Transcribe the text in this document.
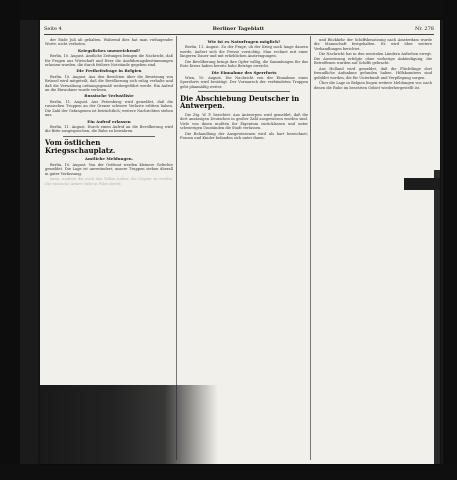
Seite 4	Berliner Tageblatt	Nr. 278

der Ende Juli ab gehalten. Wahrend dies hat man vielsagender Worte, nicht verboten.

Kriegsliches unzureichend?

Berlin, 10. August. Amtliche Zeitungen bringen die Nachricht, daß für Fragen aus Wirtschaft und Heer die Ausführungsbestimmungen erlassen wurden, die durch frühere Notstände gegeben sind.

Die Freiheitsfrage in Belgien

Berlin, 10. August. Aus den Berichten über die Besetzung von Brüssel wird mitgeteilt, daß die Bevölkerung sich ruhig verhalte und daß die Verwaltung ordnungsgemäß weitergeführt werde. Ein Aufruf an die Einwohner wurde verlesen.

Russische Verlustliste

Berlin, 11. August. Aus Petersburg wird gemeldet, daß die russischen Truppen an der Grenze schwere Verluste erlitten haben. Die Zahl der Gefangenen ist beträchtlich; weitere Nachrichten stehen aus.

Ein Aufruf erlassen

Berlin, 11. August. Durch einen Aufruf an die Bevölkerung wird die Bitte ausgesprochen, die Ruhe zu bewahren.

Vom östlichen Kriegsschauplatz.
Amtliche Meldungen.

Berlin, 10. August. Von der Ostfront werden kleinere Gefechte gemeldet. Die Lage ist unverändert; unsere Truppen stehen überall in guter Verfassung.

kann, sondern die auch den Willen haben, die Gegner zu werfen. Die russische Armee steht in Polen bereit.

Wie ist es Naturfragen möglich?

Berlin, 11. August. Zu der Frage, ob der Krieg noch lange dauern werde, äußert sich die Presse vorsichtig. Man rechnet mit einer längeren Dauer und mit erheblichen Anstrengungen.

Die Bevölkerung bringt ihre Opfer willig; die Sammlungen für das Rote Kreuz haben bereits hohe Beträge erreicht.

Die Einnahme des Sperrforts

Wien, 10. August. Die Nachricht von der Einnahme eines Sperrforts wird bestätigt. Der Vormarsch der verbündeten Truppen geht planmäßig weiter.

Die Abschiebung Deutscher in Antwerpen.

Die Ztg. W. F. berichtet: Aus Antwerpen wird gemeldet, daß die dort ansässigen Deutschen in großer Zahl ausgewiesen worden sind. Viele von ihnen mußten ihr Eigentum zurücklassen und unter schwierigen Umständen die Stadt verlassen.

Die Behandlung der Ausgewiesenen wird als hart bezeichnet; Frauen und Kinder befanden sich unter ihnen.

und Rückkehr der Schiffsbesatzung nach Amsterdam wurde die Mannschaft festgehalten. Es wird über weitere Verhandlungen berichtet.

Die Nachricht hat in den neutralen Ländern Aufsehen erregt. Die Ausweisung erfolgte ohne vorherige Ankündigung; die Betroffenen wurden auf Schiffe gebracht.

Aus Holland wird gemeldet, daß die Flüchtlinge dort freundliche Aufnahme gefunden haben. Hilfskomitees sind gebildet worden, die für Unterkunft und Verpflegung sorgen.

Über die Lage in Belgien liegen weitere Meldungen vor, nach denen die Ruhe im besetzten Gebiet wiederhergestellt ist.
